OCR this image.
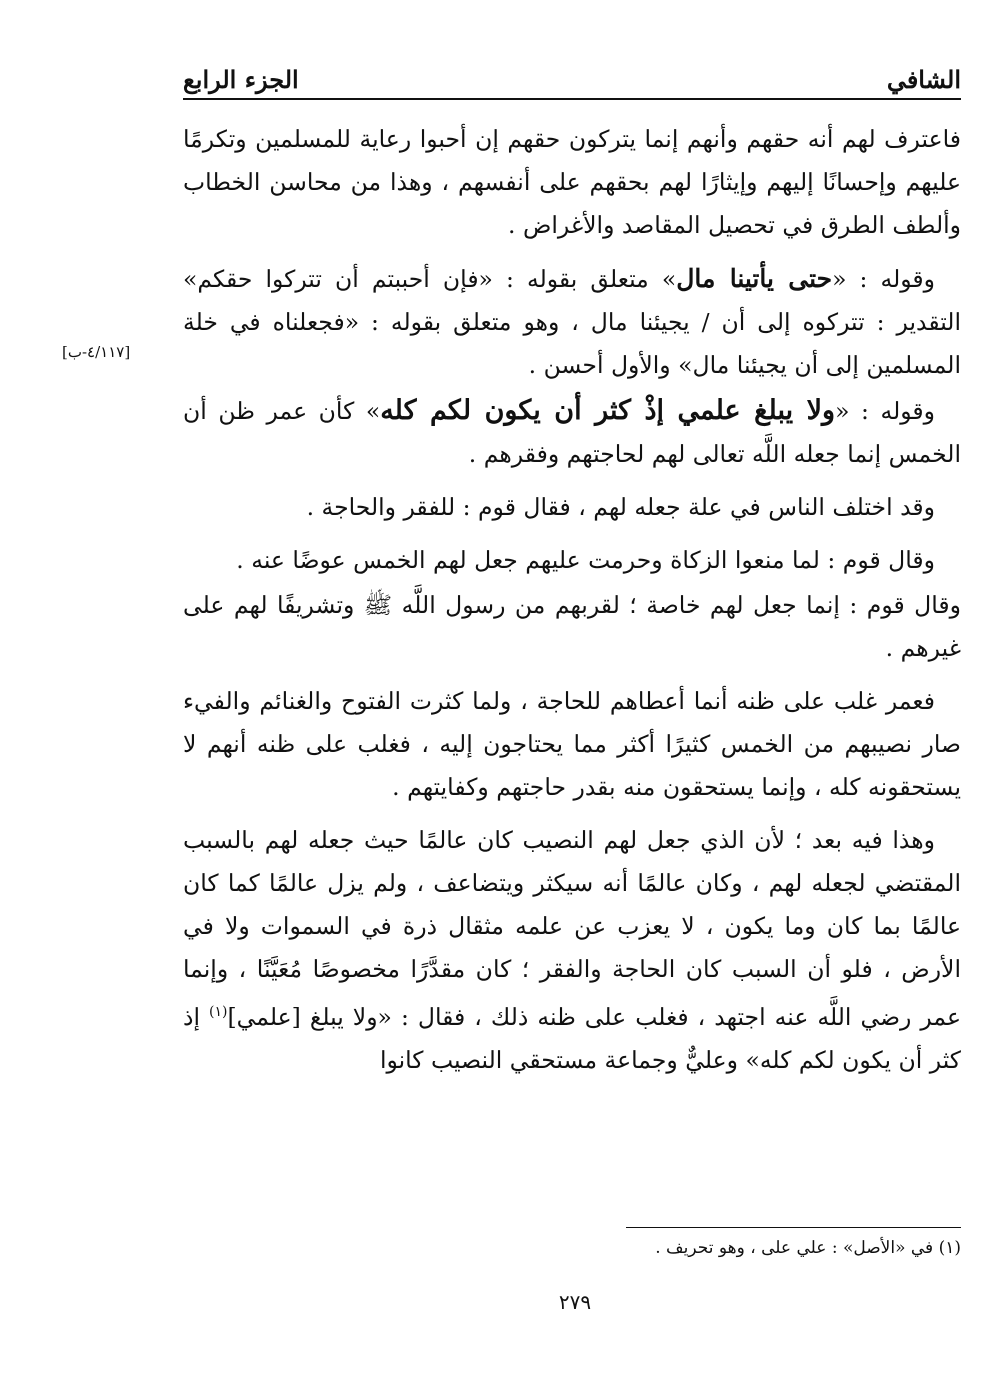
الشافي
الجزء الرابع
[٤/١١٧-ب]

فاعترف لهم أنه حقهم وأنهم إنما يتركون حقهم إن أحبوا رعاية للمسلمين وتكرمًا عليهم وإحسانًا إليهم وإيثارًا لهم بحقهم على أنفسهم ، وهذا من محاسن الخطاب وألطف الطرق في تحصيل المقاصد والأغراض .

وقوله : «حتى يأتينا مال» متعلق بقوله : «فإن أحببتم أن تتركوا حقكم» التقدير : تتركوه إلى أن / يجيئنا مال ، وهو متعلق بقوله : «فجعلناه في خلة المسلمين إلى أن يجيئنا مال» والأول أحسن .

وقوله : «ولا يبلغ علمي إذْ كثر أن يكون لكم كله» كأن عمر ظن أن الخمس إنما جعله اللَّه تعالى لهم لحاجتهم وفقرهم .

وقد اختلف الناس في علة جعله لهم ، فقال قوم : للفقر والحاجة .

وقال قوم : لما منعوا الزكاة وحرمت عليهم جعل لهم الخمس عوضًا عنه .

وقال قوم : إنما جعل لهم خاصة ؛ لقربهم من رسول اللَّه ﷺ وتشريفًا لهم على غيرهم .

فعمر غلب على ظنه أنما أعطاهم للحاجة ، ولما كثرت الفتوح والغنائم والفيء صار نصيبهم من الخمس كثيرًا أكثر مما يحتاجون إليه ، فغلب على ظنه أنهم لا يستحقونه كله ، وإنما يستحقون منه بقدر حاجتهم وكفايتهم .

وهذا فيه بعد ؛ لأن الذي جعل لهم النصيب كان عالمًا حيث جعله لهم بالسبب المقتضي لجعله لهم ، وكان عالمًا أنه سيكثر ويتضاعف ، ولم يزل عالمًا كما كان عالمًا بما كان وما يكون ، لا يعزب عن علمه مثقال ذرة في السموات ولا في الأرض ، فلو أن السبب كان الحاجة والفقر ؛ كان مقدَّرًا مخصوصًا مُعَيَّنًا ، وإنما عمر رضي اللَّه عنه اجتهد ، فغلب على ظنه ذلك ، فقال : «ولا يبلغ [علمي]$^{(١)}$ إذ كثر أن يكون لكم كله» وعليٌّ وجماعة مستحقي النصيب كانوا

(١) في «الأصل» : علي على ، وهو تحريف .
٢٧٩
